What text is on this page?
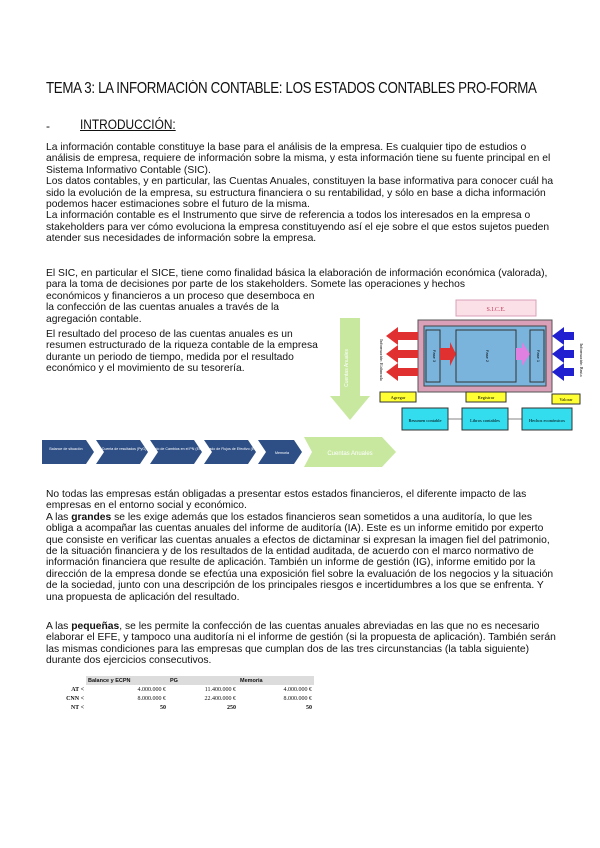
TEMA 3: LA INFORMACIÓN CONTABLE: LOS ESTADOS CONTABLES PRO-FORMA
- INTRODUCCIÓN:
La información contable constituye la base para el análisis de la empresa. Es cualquier tipo de estudios o análisis de empresa, requiere de información sobre la misma, y esta información tiene su fuente principal en el Sistema Informativo Contable (SIC).
Los datos contables, y en particular, las Cuentas Anuales, constituyen la base informativa para conocer cuál ha sido la evolución de la empresa, su estructura financiera o su rentabilidad, y sólo en base a dicha información podemos hacer estimaciones sobre el futuro de la misma.
La información contable es el Instrumento que sirve de referencia a todos los interesados en la empresa o stakeholders para ver cómo evoluciona la empresa constituyendo así el eje sobre el que estos sujetos pueden atender sus necesidades de información sobre la empresa.
El SIC, en particular el SICE, tiene como finalidad básica la elaboración de información económica (valorada), para la toma de decisiones por parte de los stakeholders. Somete las operaciones y hechos
económicos y financieros a un proceso que desemboca en la confección de las cuentas anuales a través de la agregación contable.
El resultado del proceso de las cuentas anuales es un resumen estructurado de la riqueza contable de la empresa durante un periodo de tiempo, medida por el resultado económico y el movimiento de su tesorería.
S.I.C.E.
Cuentas Anuales	Información Elaborada	Información Bruta
Fase 3	Fase 2	Fase 1
Agregar	Registrar	Valorar
Resumen contable	Libros contables	Hechos económicos
Balance de situación	Cuenta de resultados (PyG) Estado de Cambios en el PN (ECPN)
Estado de Flujos de Efectivo (EFE)
Memoria	Cuentas Anuales
No todas las empresas están obligadas a presentar estos estados financieros, el diferente impacto de las empresas en el entorno social y económico.
A las grandes se les exige además que los estados financieros sean sometidos a una auditoría, lo que les obliga a acompañar las cuentas anuales del informe de auditoría (IA). Este es un informe emitido por experto que consiste en verificar las cuentas anuales a efectos de dictaminar si expresan la imagen fiel del patrimonio, de la situación financiera y de los resultados de la entidad auditada, de acuerdo con el marco normativo de información financiera que resulte de aplicación. También un informe de gestión (IG), informe emitido por la dirección de la empresa donde se efectúa una exposición fiel sobre la evaluación de los negocios y la situación de la sociedad, junto con una descripción de los principales riesgos e incertidumbres a los que se enfrenta. Y una propuesta de aplicación del resultado.
A las pequeñas, se les permite la confección de las cuentas anuales abreviadas en las que no es necesario elaborar el EFE, y tampoco una auditoría ni el informe de gestión (si la propuesta de aplicación). También serán las mismas condiciones para las empresas que cumplan dos de las tres circunstancias (la tabla siguiente) durante dos ejercicios consecutivos.
	Balance y ECPN	PG	Memoria
AT <	4.000.000 €	11.400.000 €	4.000.000 €
CNN <	8.000.000 €	22.400.000 €	8.000.000 €
NT <	50	250	50
